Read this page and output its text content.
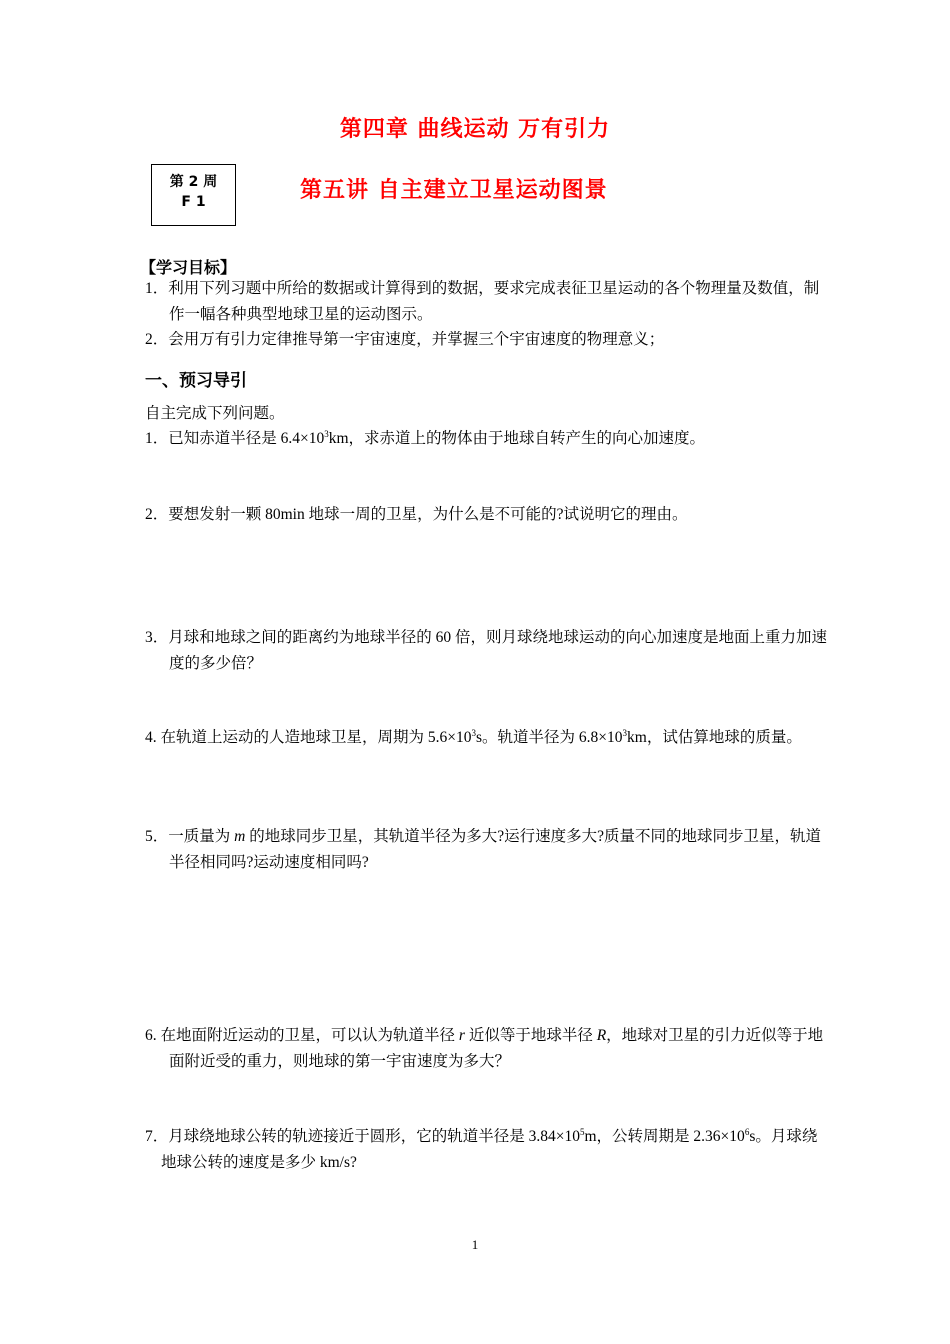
第四章 曲线运动 万有引力
第 2 周
F 1	第五讲 自主建立卫星运动图景
【学习目标】
1．利用下列习题中所给的数据或计算得到的数据，要求完成表征卫星运动的各个物理量及数值，制作一幅各种典型地球卫星的运动图示。
2．会用万有引力定律推导第一宇宙速度，并掌握三个宇宙速度的物理意义；
一、预习导引
自主完成下列问题。
1．已知赤道半径是 $6.4\times 10^3km$，求赤道上的物体由于地球自转产生的向心加速度。
2．要想发射一颗 80min 地球一周的卫星，为什么是不可能的?试说明它的理由。
3．月球和地球之间的距离约为地球半径的 60 倍，则月球绕地球运动的向心加速度是地面上重力加速度的多少倍？
4. 在轨道上运动的人造地球卫星，周期为 $5.6\times 10^3s$。轨道半径为 $6.8\times 10^3km$，试估算地球的质量。
5．一质量为 m 的地球同步卫星，其轨道半径为多大?运行速度多大?质量不同的地球同步卫星，轨道半径相同吗?运动速度相同吗?
6. 在地面附近运动的卫星，可以认为轨道半径 r 近似等于地球半径 R，地球对卫星的引力近似等于地面附近受的重力，则地球的第一宇宙速度为多大？
7．月球绕地球公转的轨迹接近于圆形，它的轨道半径是 $3.84\times 10^5m$，公转周期是 $2.36\times 10^6s$。月球绕地球公转的速度是多少 km/s?
1
